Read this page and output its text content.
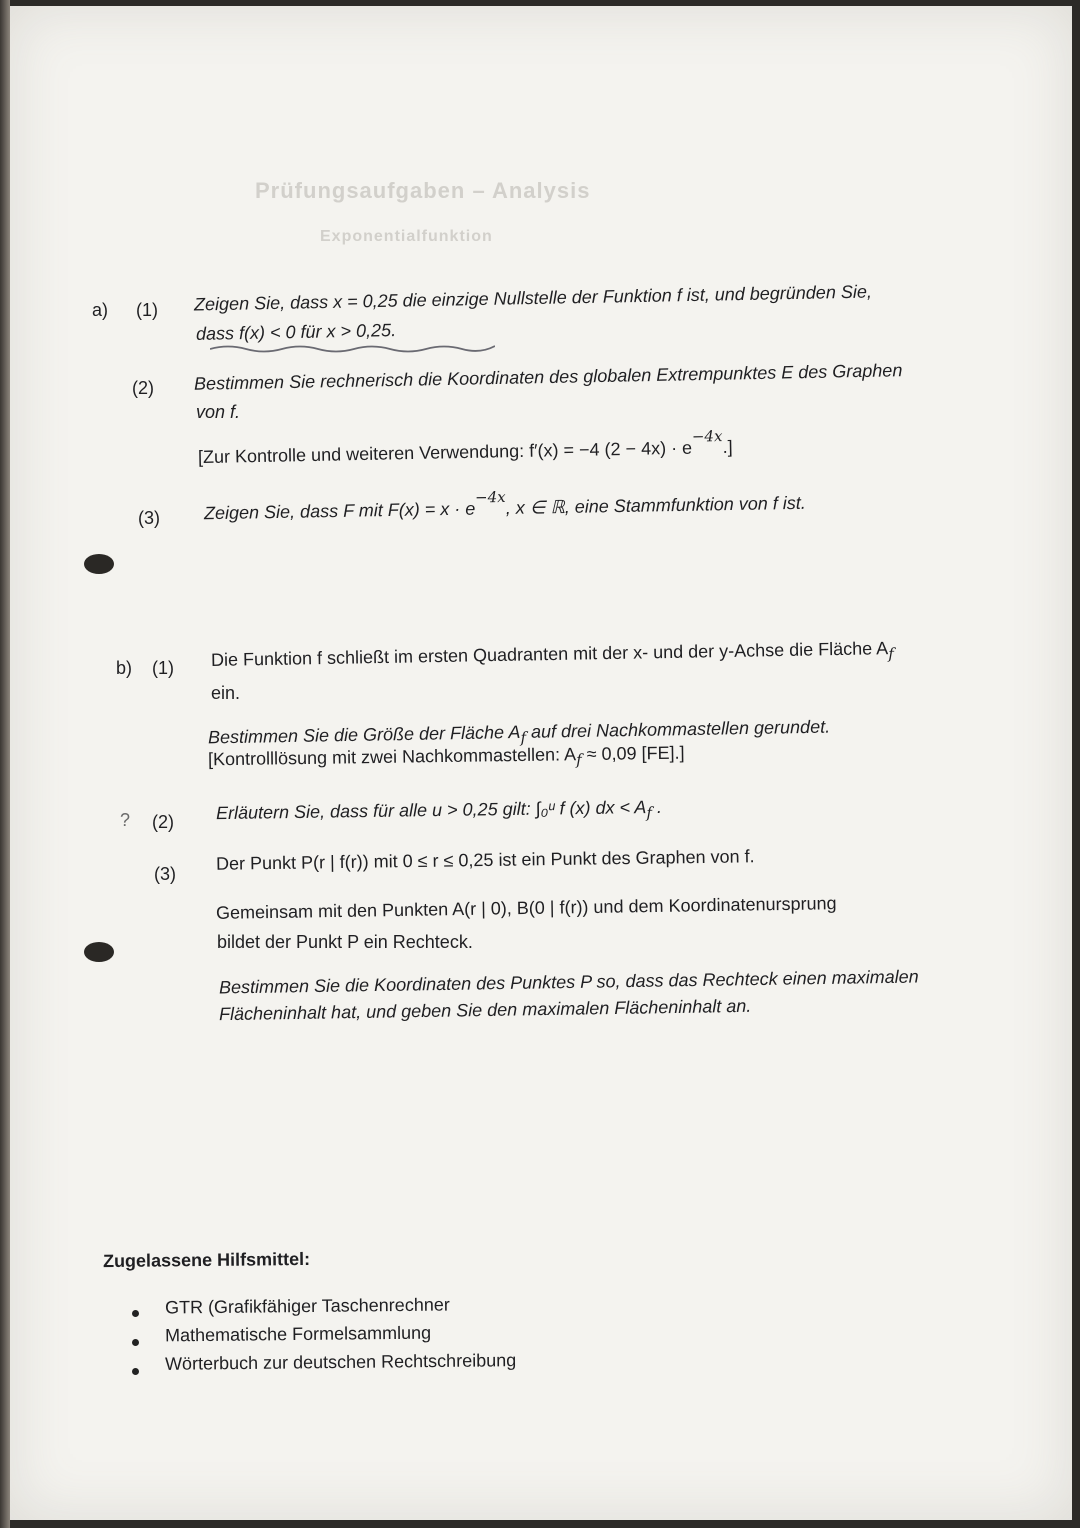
Prüfungsaufgaben – Analysis
Exponentialfunktion
a) (1) Zeigen Sie, dass x = 0,25 die einzige Nullstelle der Funktion f ist, und begründen Sie,
dass f(x) < 0 für x > 0,25.
(2) Bestimmen Sie rechnerisch die Koordinaten des globalen Extrempunktes E des Graphen
von f.
[Zur Kontrolle und weiteren Verwendung: f′(x) = −4 $(2 - 4x) \cdot e^{-4x}$.]
(3) Zeigen Sie, dass F mit $F(x) = x \cdot e^{-4x}$, x ∈ ℝ, eine Stammfunktion von f ist.
b) (1) Die Funktion f schließt im ersten Quadranten mit der x- und der y-Achse die Fläche $A_f$
ein.
Bestimmen Sie die Größe der Fläche $A_f$ auf drei Nachkommastellen gerundet.
[Kontrolllösung mit zwei Nachkommastellen: $A_f \approx 0,09$ [FE].]
? (2) Erläutern Sie, dass für alle u > 0,25 gilt: ∫₀ᵘ f (x) dx < $A_f$ .
(3)
Der Punkt P(r | f(r)) mit 0 ≤ r ≤ 0,25 ist ein Punkt des Graphen von f.
Gemeinsam mit den Punkten A(r | 0), B(0 | f(r)) und dem Koordinatenursprung
bildet der Punkt P ein Rechteck.
Bestimmen Sie die Koordinaten des Punktes P so, dass das Rechteck einen maximalen
Flächeninhalt hat, und geben Sie den maximalen Flächeninhalt an.
Zugelassene Hilfsmittel:
GTR (Grafikfähiger Taschenrechner
Mathematische Formelsammlung
Wörterbuch zur deutschen Rechtschreibung
